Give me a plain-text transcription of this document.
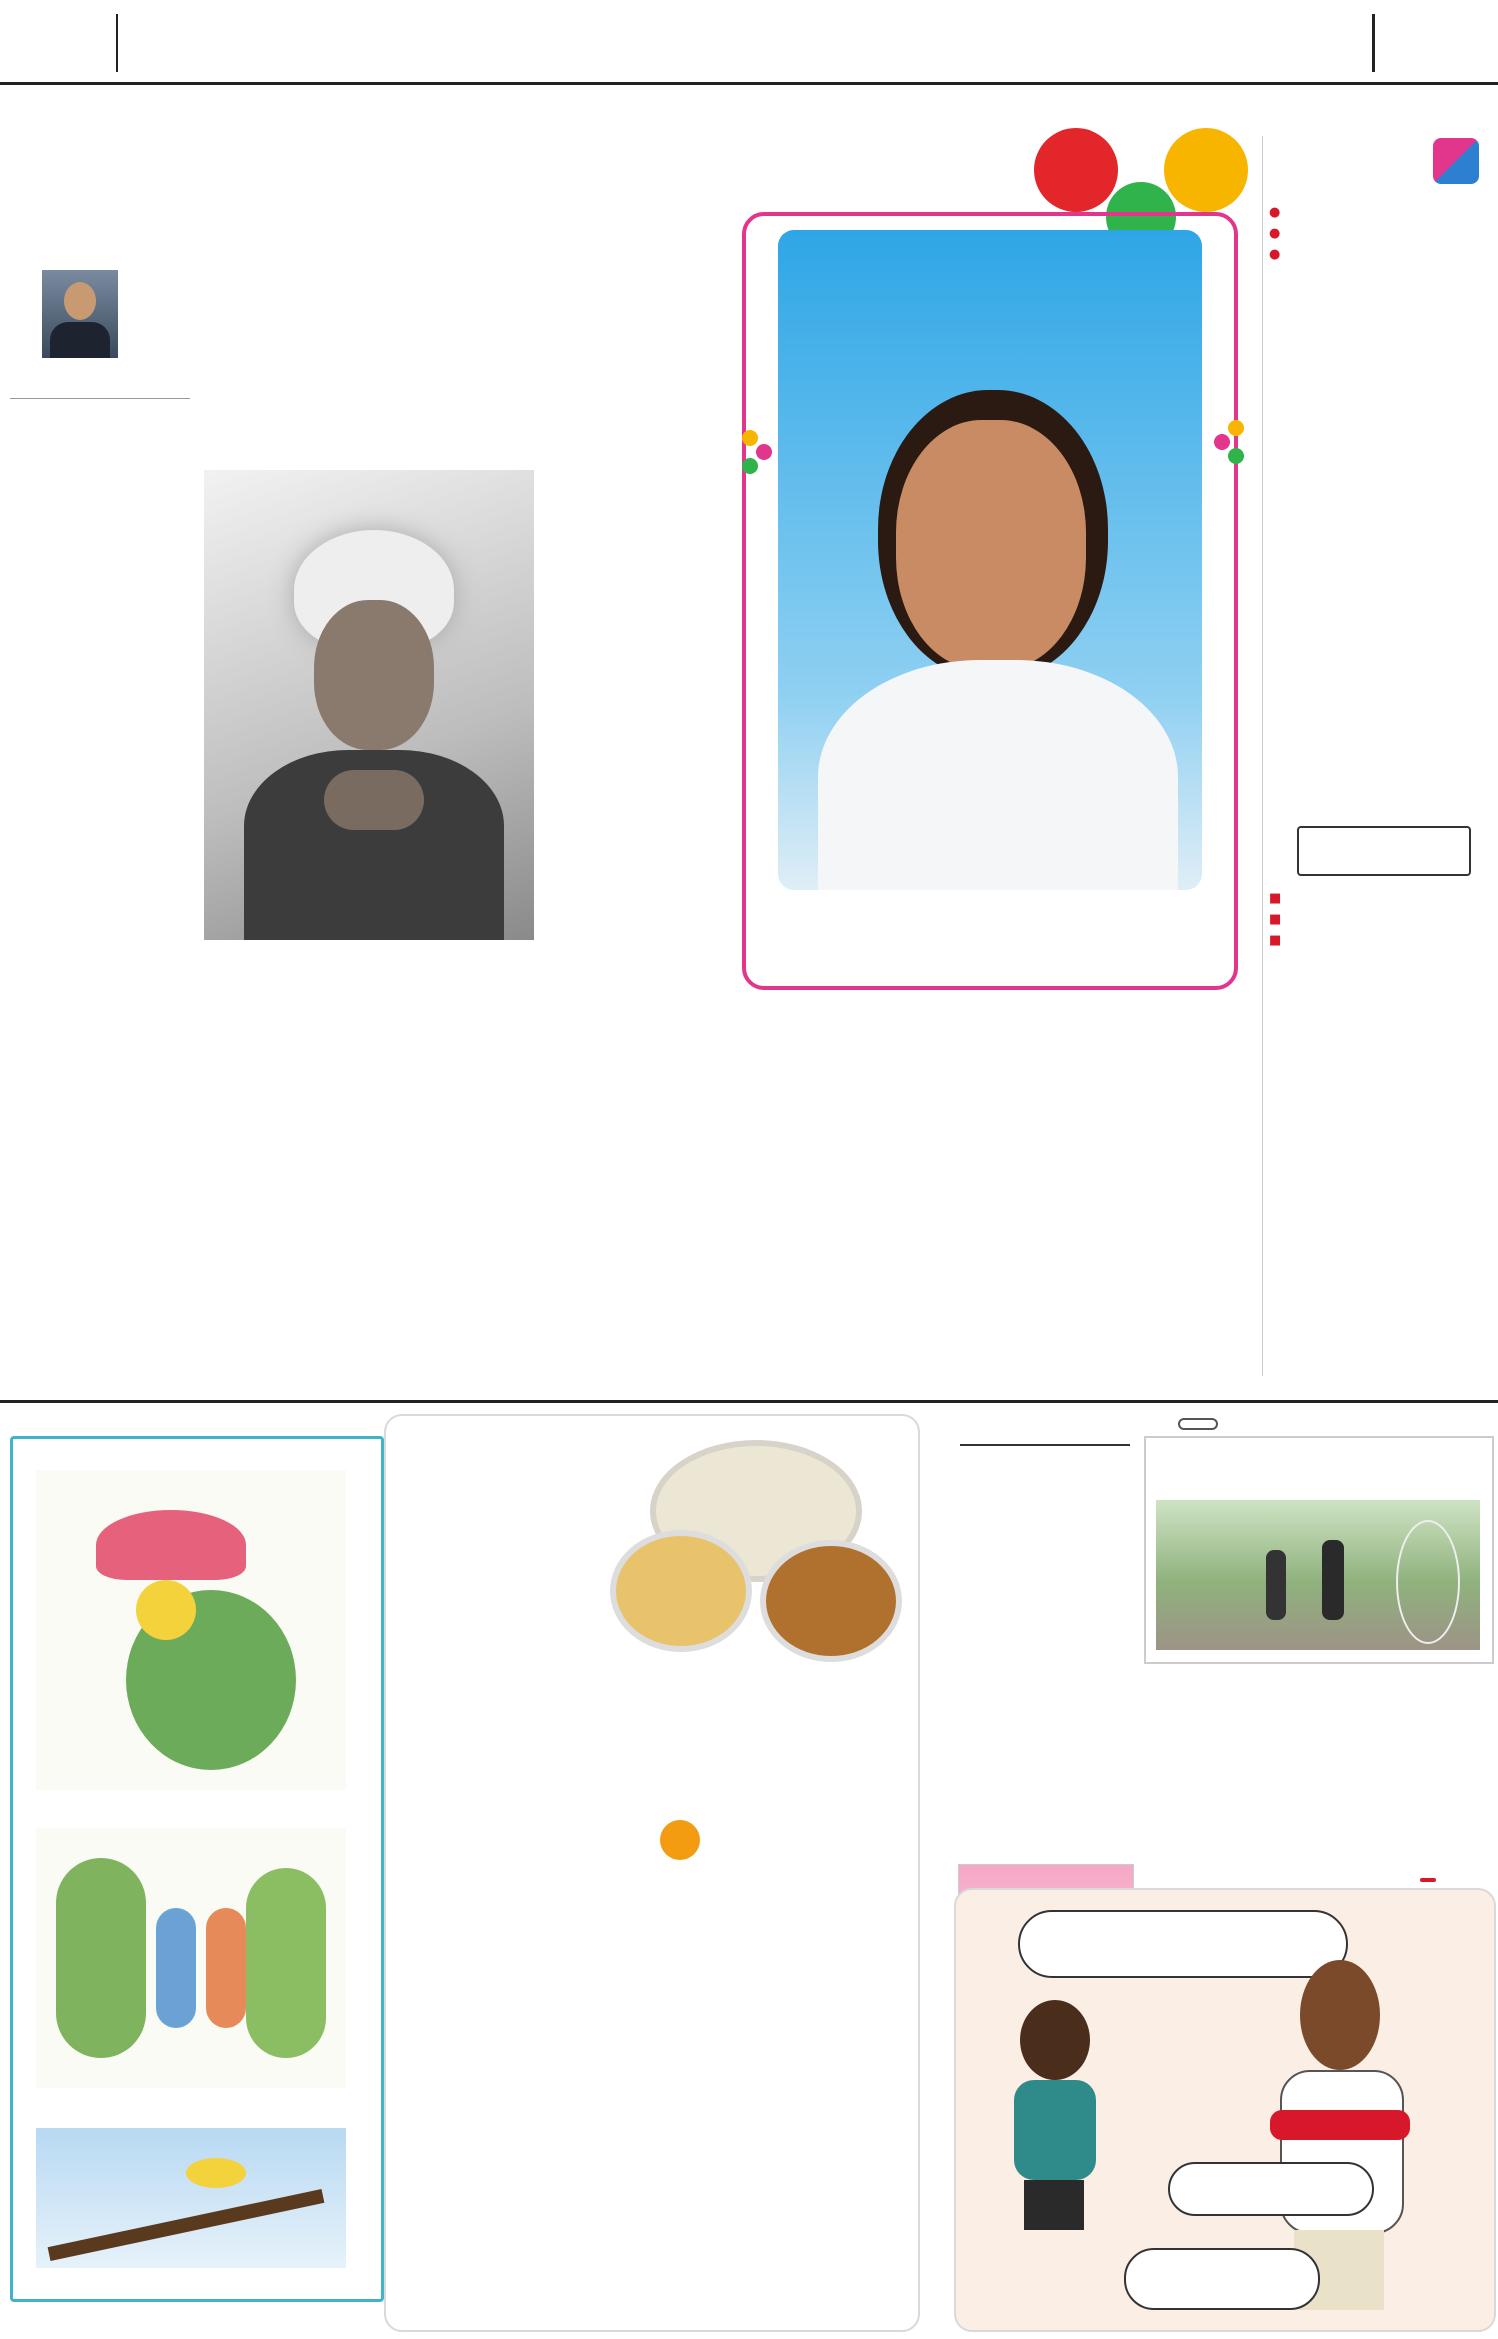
●

●

●

■

■

■
